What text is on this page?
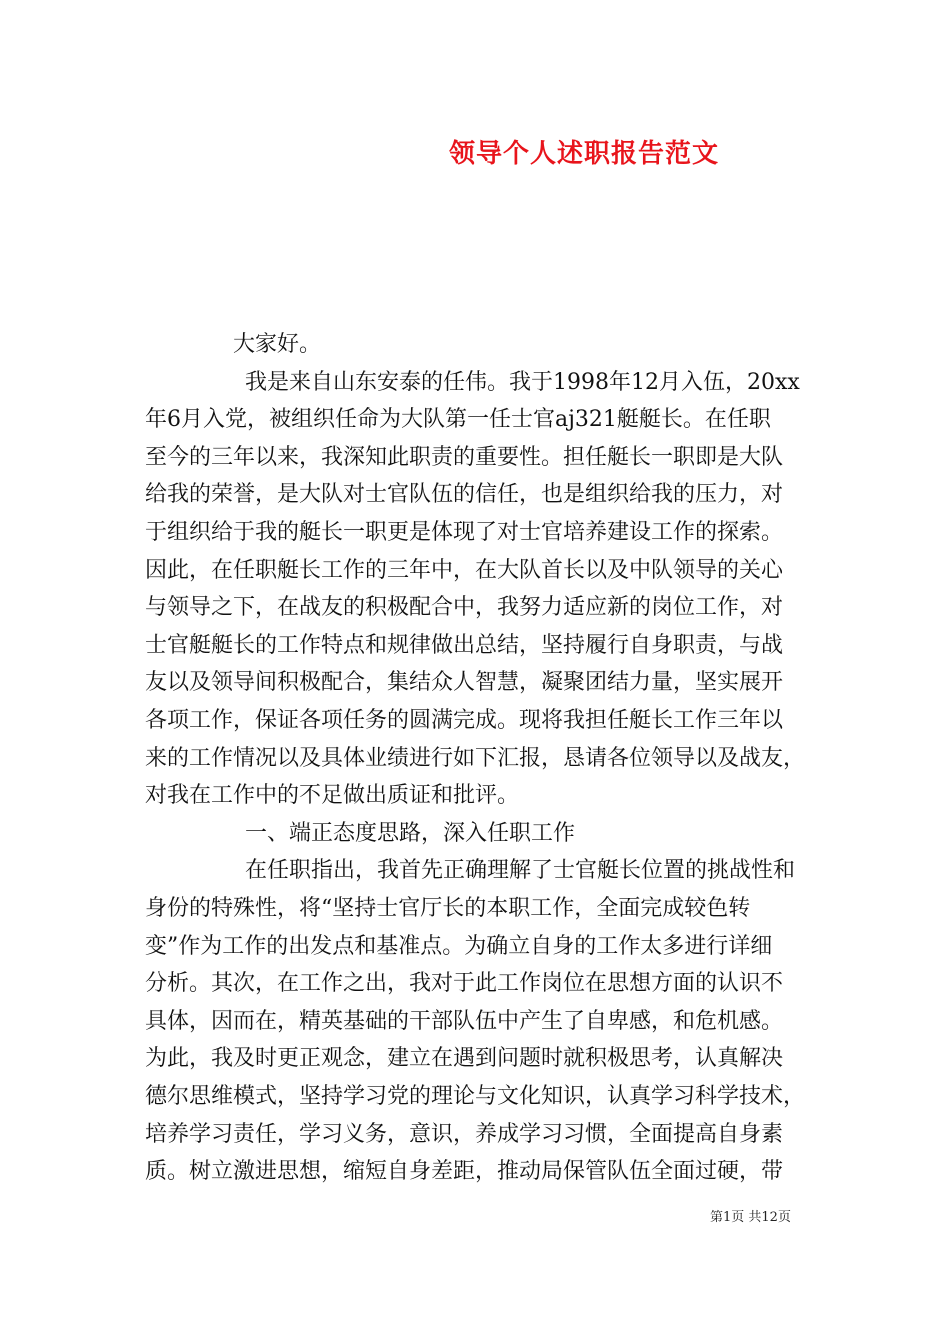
领导个人述职报告范文
大家好。
我是来自山东安泰的任伟。我于1998年12月入伍，20xx
年6月入党，被组织任命为大队第一任士官aj321艇艇长。在任职
至今的三年以来，我深知此职责的重要性。担任艇长一职即是大队
给我的荣誉，是大队对士官队伍的信任，也是组织给我的压力，对
于组织给于我的艇长一职更是体现了对士官培养建设工作的探索。
因此，在任职艇长工作的三年中，在大队首长以及中队领导的关心
与领导之下，在战友的积极配合中，我努力适应新的岗位工作，对
士官艇艇长的工作特点和规律做出总结，坚持履行自身职责，与战
友以及领导间积极配合，集结众人智慧，凝聚团结力量，坚实展开
各项工作，保证各项任务的圆满完成。现将我担任艇长工作三年以
来的工作情况以及具体业绩进行如下汇报，恳请各位领导以及战友，
对我在工作中的不足做出质证和批评。
一、端正态度思路，深入任职工作
在任职指出，我首先正确理解了士官艇长位置的挑战性和
身份的特殊性，将“坚持士官厅长的本职工作，全面完成较色转
变”作为工作的出发点和基准点。为确立自身的工作太多进行详细
分析。其次，在工作之出，我对于此工作岗位在思想方面的认识不
具体，因而在，精英基础的干部队伍中产生了自卑感，和危机感。
为此，我及时更正观念，建立在遇到问题时就积极思考，认真解决
德尔思维模式，坚持学习党的理论与文化知识，认真学习科学技术，
培养学习责任，学习义务，意识，养成学习习惯，全面提高自身素
质。树立激进思想，缩短自身差距，推动局保管队伍全面过硬，带
第1页 共12页
